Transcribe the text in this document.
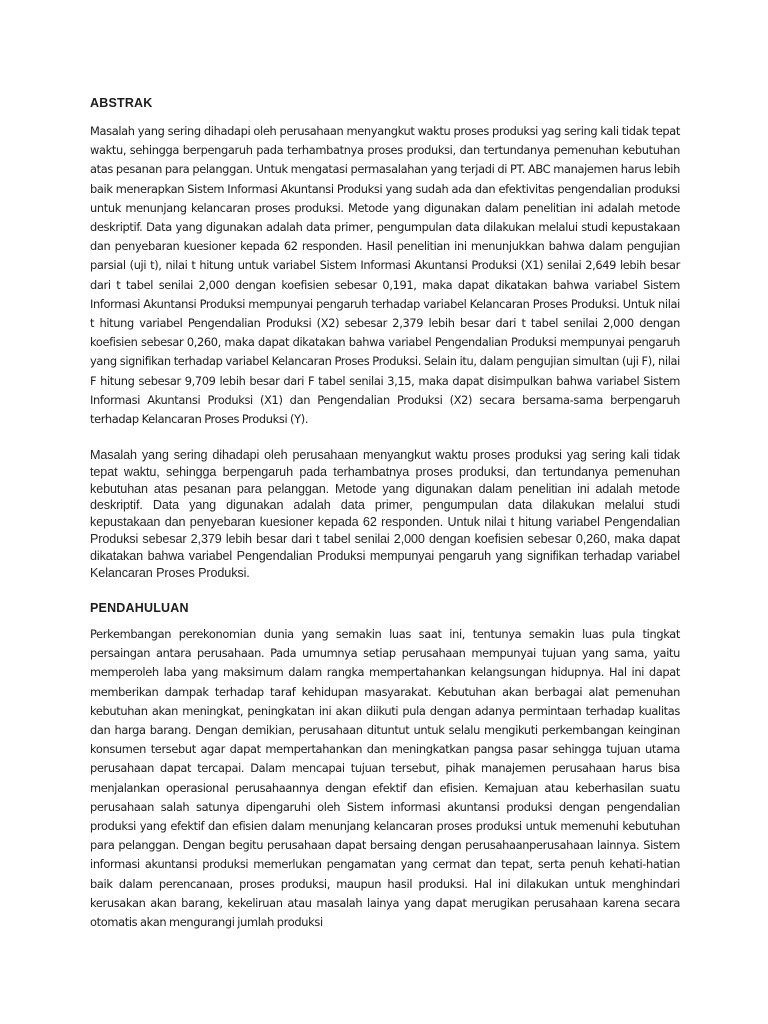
ABSTRAK

Masalah yang sering dihadapi oleh perusahaan menyangkut waktu proses produksi yag sering kali tidak tepat waktu, sehingga berpengaruh pada terhambatnya proses produksi, dan tertundanya pemenuhan kebutuhan atas pesanan para pelanggan. Untuk mengatasi permasalahan yang terjadi di PT. ABC manajemen harus lebih baik menerapkan Sistem Informasi Akuntansi Produksi yang sudah ada dan efektivitas pengendalian produksi untuk menunjang kelancaran proses produksi. Metode yang digunakan dalam penelitian ini adalah metode deskriptif. Data yang digunakan adalah data primer, pengumpulan data dilakukan melalui studi kepustakaan dan penyebaran kuesioner kepada 62 responden. Hasil penelitian ini menunjukkan bahwa dalam pengujian parsial (uji t), nilai t hitung untuk variabel Sistem Informasi Akuntansi Produksi (X1) senilai 2,649 lebih besar dari t tabel senilai 2,000 dengan koefisien sebesar 0,191, maka dapat dikatakan bahwa variabel Sistem Informasi Akuntansi Produksi mempunyai pengaruh terhadap variabel Kelancaran Proses Produksi. Untuk nilai t hitung variabel Pengendalian Produksi (X2) sebesar 2,379 lebih besar dari t tabel senilai 2,000 dengan koefisien sebesar 0,260, maka dapat dikatakan bahwa variabel Pengendalian Produksi mempunyai pengaruh yang signifikan terhadap variabel Kelancaran Proses Produksi. Selain itu, dalam pengujian simultan (uji F), nilai F hitung sebesar 9,709 lebih besar dari F tabel senilai 3,15, maka dapat disimpulkan bahwa variabel Sistem Informasi Akuntansi Produksi (X1) dan Pengendalian Produksi (X2) secara bersama-sama berpengaruh terhadap Kelancaran Proses Produksi (Y).

Masalah yang sering dihadapi oleh perusahaan menyangkut waktu proses produksi yag sering kali tidak tepat waktu, sehingga berpengaruh pada terhambatnya proses produksi, dan tertundanya pemenuhan kebutuhan atas pesanan para pelanggan. Metode yang digunakan dalam penelitian ini adalah metode deskriptif. Data yang digunakan adalah data primer, pengumpulan data dilakukan melalui studi kepustakaan dan penyebaran kuesioner kepada 62 responden. Untuk nilai t hitung variabel Pengendalian Produksi sebesar 2,379 lebih besar dari t tabel senilai 2,000 dengan koefisien sebesar 0,260, maka dapat dikatakan bahwa variabel Pengendalian Produksi mempunyai pengaruh yang signifikan terhadap variabel Kelancaran Proses Produksi.

PENDAHULUAN

Perkembangan perekonomian dunia yang semakin luas saat ini, tentunya semakin luas pula tingkat persaingan antara perusahaan. Pada umumnya setiap perusahaan mempunyai tujuan yang sama, yaitu memperoleh laba yang maksimum dalam rangka mempertahankan kelangsungan hidupnya. Hal ini dapat memberikan dampak terhadap taraf kehidupan masyarakat. Kebutuhan akan berbagai alat pemenuhan kebutuhan akan meningkat, peningkatan ini akan diikuti pula dengan adanya permintaan terhadap kualitas dan harga barang. Dengan demikian, perusahaan dituntut untuk selalu mengikuti perkembangan keinginan konsumen tersebut agar dapat mempertahankan dan meningkatkan pangsa pasar sehingga tujuan utama perusahaan dapat tercapai. Dalam mencapai tujuan tersebut, pihak manajemen perusahaan harus bisa menjalankan operasional perusahaannya dengan efektif dan efisien. Kemajuan atau keberhasilan suatu perusahaan salah satunya dipengaruhi oleh Sistem informasi akuntansi produksi dengan pengendalian produksi yang efektif dan efisien dalam menunjang kelancaran proses produksi untuk memenuhi kebutuhan para pelanggan. Dengan begitu perusahaan dapat bersaing dengan perusahaanperusahaan lainnya. Sistem informasi akuntansi produksi memerlukan pengamatan yang cermat dan tepat, serta penuh kehati-hatian baik dalam perencanaan, proses produksi, maupun hasil produksi. Hal ini dilakukan untuk menghindari kerusakan akan barang, kekeliruan atau masalah lainya yang dapat merugikan perusahaan karena secara otomatis akan mengurangi jumlah produksi
